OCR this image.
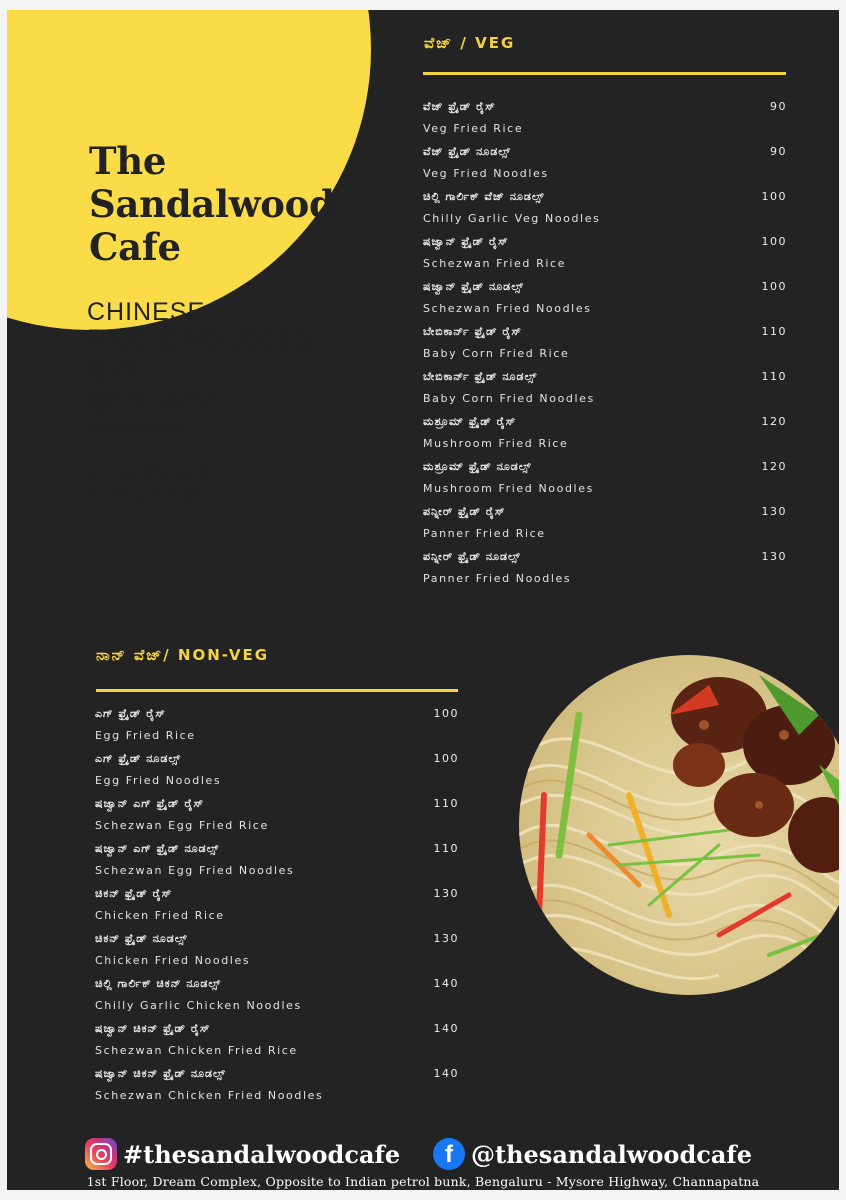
The
Sandalwood
Cafe
CHINESE
RICE & NOODLES
ಚೈನೀಸ್
ರೈಸ್ & ನೂಡಲ್ಸ್
FOR INQUIRIES
+91 8971305893
ವೆಜ್ / VEG
ವೆಜ್ ಫ್ರೈಡ್ ರೈಸ್
Veg Fried Rice
90
ವೆಜ್ ಫ್ರೈಡ್ ನೂಡಲ್ಸ್
Veg Fried Noodles
90
ಚಿಲ್ಲಿ ಗಾರ್ಲಿಕ್ ವೆಜ್ ನೂಡಲ್ಸ್
Chilly Garlic Veg Noodles
100
ಷಜ್ವಾನ್ ಫ್ರೈಡ್ ರೈಸ್
Schezwan Fried Rice
100
ಷಜ್ವಾನ್ ಫ್ರೈಡ್ ನೂಡಲ್ಸ್
Schezwan Fried Noodles
100
ಬೇಬಿಕಾರ್ನ್ ಫ್ರೈಡ್ ರೈಸ್
Baby Corn Fried Rice
110
ಬೇಬಿಕಾರ್ನ್ ಫ್ರೈಡ್ ನೂಡಲ್ಸ್
Baby Corn Fried Noodles
110
ಮಶ್ರೂಮ್ ಫ್ರೈಡ್ ರೈಸ್
Mushroom Fried Rice
120
ಮಶ್ರೂಮ್ ಫ್ರೈಡ್ ನೂಡಲ್ಸ್
Mushroom Fried Noodles
120
ಪನ್ನೀರ್ ಫ್ರೈಡ್ ರೈಸ್
Panner Fried Rice
130
ಪನ್ನೀರ್ ಫ್ರೈಡ್ ನೂಡಲ್ಸ್
Panner Fried Noodles
130
ನಾನ್ ವೆಜ್/ NON-VEG
ಎಗ್ ಫ್ರೈಡ್ ರೈಸ್
Egg Fried Rice
100
ಎಗ್ ಫ್ರೈಡ್ ನೂಡಲ್ಸ್
Egg Fried Noodles
100
ಷಜ್ವಾನ್ ಎಗ್ ಫ್ರೈಡ್ ರೈಸ್
Schezwan Egg Fried Rice
110
ಷಜ್ವಾನ್ ಎಗ್ ಫ್ರೈಡ್ ನೂಡಲ್ಸ್
Schezwan Egg Fried Noodles
110
ಚಿಕನ್ ಫ್ರೈಡ್ ರೈಸ್
Chicken Fried Rice
130
ಚಿಕನ್ ಫ್ರೈಡ್ ನೂಡಲ್ಸ್
Chicken Fried Noodles
130
ಚಿಲ್ಲಿ ಗಾರ್ಲಿಕ್ ಚಿಕನ್ ನೂಡಲ್ಸ್
Chilly Garlic Chicken Noodles
140
ಷಜ್ವಾನ್ ಚಿಕನ್ ಫ್ರೈಡ್ ರೈಸ್
Schezwan Chicken Fried Rice
140
ಷಜ್ವಾನ್ ಚಿಕನ್ ಫ್ರೈಡ್ ನೂಡಲ್ಸ್
Schezwan Chicken Fried Noodles
140
#thesandalwoodcafe	f @thesandalwoodcafe
1st Floor, Dream Complex, Opposite to Indian petrol bunk, Bengaluru - Mysore Highway, Channapatna
